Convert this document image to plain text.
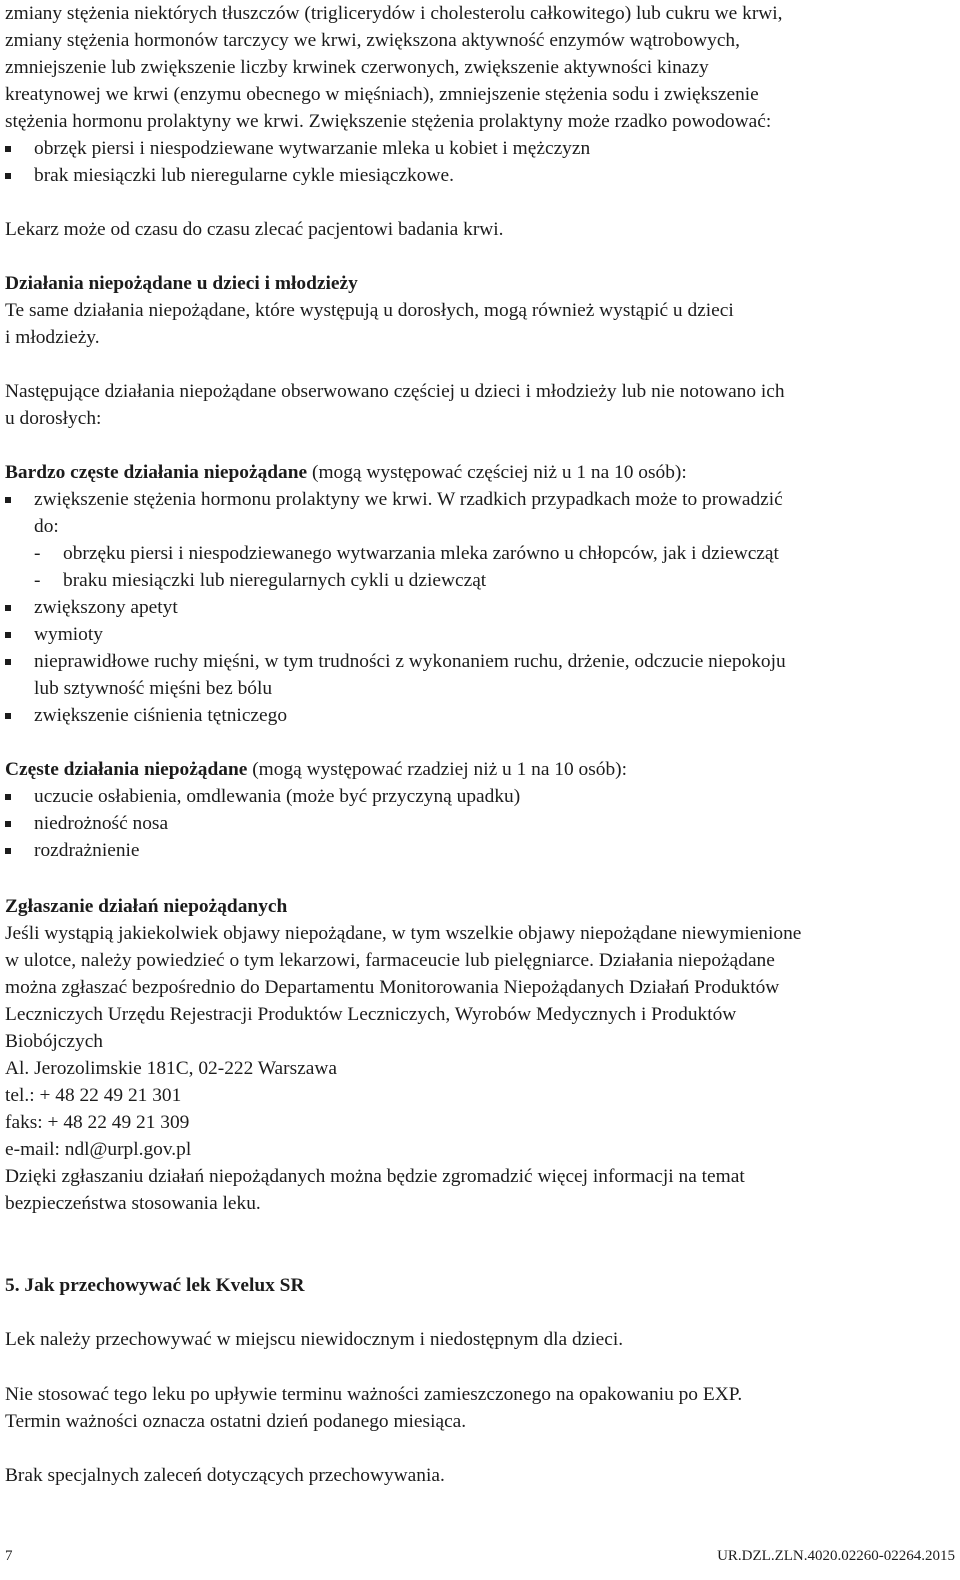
zmiany stężenia niektórych tłuszczów (triglicerydów i cholesterolu całkowitego) lub cukru we krwi,
zmiany stężenia hormonów tarczycy we krwi, zwiększona aktywność enzymów wątrobowych,
zmniejszenie lub zwiększenie liczby krwinek czerwonych, zwiększenie aktywności kinazy
kreatynowej we krwi (enzymu obecnego w mięśniach), zmniejszenie stężenia sodu i zwiększenie
stężenia hormonu prolaktyny we krwi. Zwiększenie stężenia prolaktyny może rzadko powodować:
obrzęk piersi i niespodziewane wytwarzanie mleka u kobiet i mężczyzn
brak miesiączki lub nieregularne cykle miesiączkowe.
Lekarz może od czasu do czasu zlecać pacjentowi badania krwi.
Działania niepożądane u dzieci i młodzieży
Te same działania niepożądane, które występują u dorosłych, mogą również wystąpić u dzieci
i młodzieży.
Następujące działania niepożądane obserwowano częściej u dzieci i młodzieży lub nie notowano ich
u dorosłych:
Bardzo częste działania niepożądane (mogą występować częściej niż u 1 na 10 osób):
zwiększenie stężenia hormonu prolaktyny we krwi. W rzadkich przypadkach może to prowadzić
do:
- obrzęku piersi i niespodziewanego wytwarzania mleka zarówno u chłopców, jak i dziewcząt
- braku miesiączki lub nieregularnych cykli u dziewcząt
zwiększony apetyt
wymioty
nieprawidłowe ruchy mięśni, w tym trudności z wykonaniem ruchu, drżenie, odczucie niepokoju
lub sztywność mięśni bez bólu
zwiększenie ciśnienia tętniczego
Częste działania niepożądane (mogą występować rzadziej niż u 1 na 10 osób):
uczucie osłabienia, omdlewania (może być przyczyną upadku)
niedrożność nosa
rozdrażnienie
Zgłaszanie działań niepożądanych
Jeśli wystąpią jakiekolwiek objawy niepożądane, w tym wszelkie objawy niepożądane niewymienione
w ulotce, należy powiedzieć o tym lekarzowi, farmaceucie lub pielęgniarce. Działania niepożądane
można zgłaszać bezpośrednio do Departamentu Monitorowania Niepożądanych Działań Produktów
Leczniczych Urzędu Rejestracji Produktów Leczniczych, Wyrobów Medycznych i Produktów
Biobójczych
Al. Jerozolimskie 181C, 02-222 Warszawa
tel.: + 48 22 49 21 301
faks: + 48 22 49 21 309
e-mail: ndl@urpl.gov.pl
Dzięki zgłaszaniu działań niepożądanych można będzie zgromadzić więcej informacji na temat
bezpieczeństwa stosowania leku.
5. Jak przechowywać lek Kvelux SR
Lek należy przechowywać w miejscu niewidocznym i niedostępnym dla dzieci.
Nie stosować tego leku po upływie terminu ważności zamieszczonego na opakowaniu po EXP.
Termin ważności oznacza ostatni dzień podanego miesiąca.
Brak specjalnych zaleceń dotyczących przechowywania.
7	UR.DZL.ZLN.4020.02260-02264.2015
